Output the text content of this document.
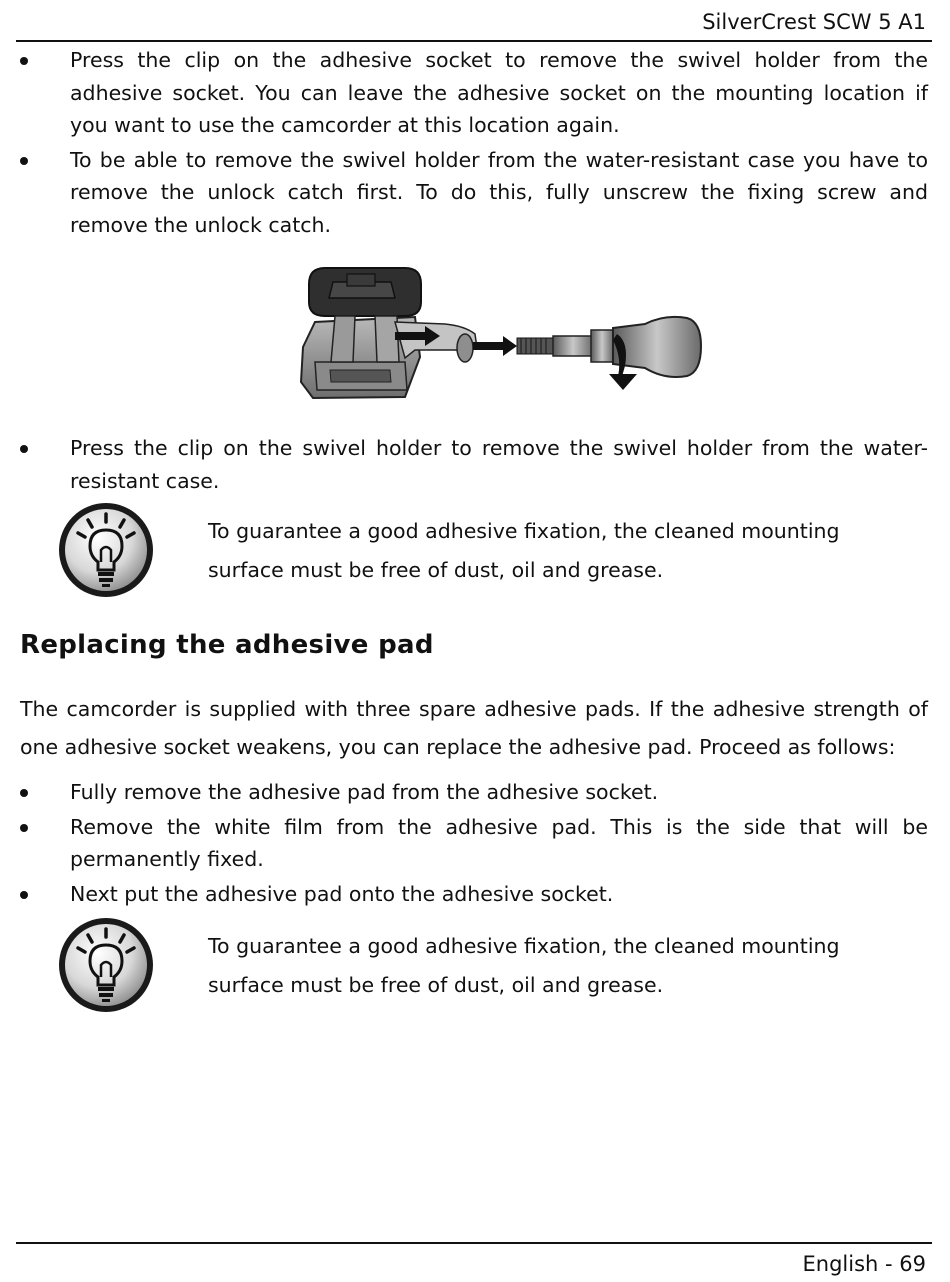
SilverCrest SCW 5 A1
Press the clip on the adhesive socket to remove the swivel holder from the adhesive socket. You can leave the adhesive socket on the mounting location if you want to use the camcorder at this location again.
To be able to remove the swivel holder from the water-resistant case you have to remove the unlock catch first. To do this, fully unscrew the fixing screw and remove the unlock catch.
Press the clip on the swivel holder to remove the swivel holder from the water-resistant case.
To guarantee a good adhesive fixation, the cleaned mounting surface must be free of dust, oil and grease.
Replacing the adhesive pad
The camcorder is supplied with three spare adhesive pads. If the adhesive strength of one adhesive socket weakens, you can replace the adhesive pad. Proceed as follows:
Fully remove the adhesive pad from the adhesive socket.
Remove the white film from the adhesive pad. This is the side that will be permanently fixed.
Next put the adhesive pad onto the adhesive socket.
To guarantee a good adhesive fixation, the cleaned mounting surface must be free of dust, oil and grease.
English - 69
